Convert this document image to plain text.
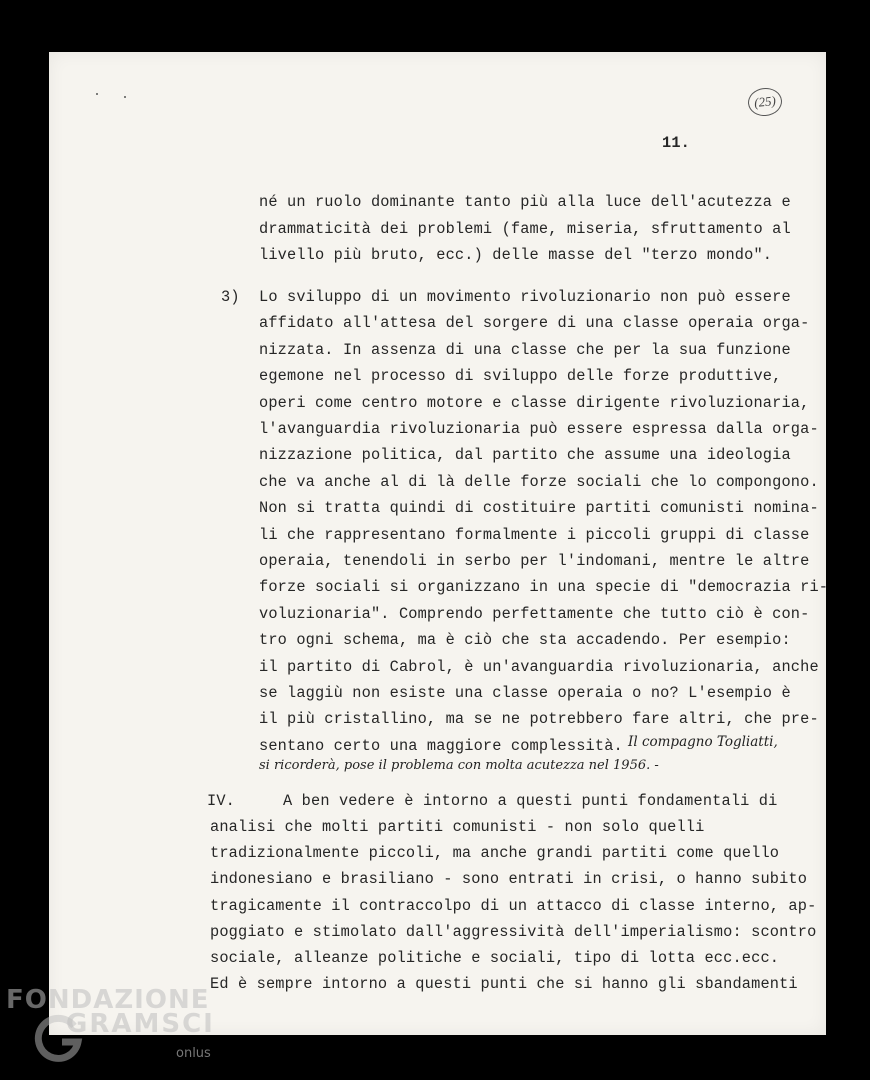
(25)
11.
né un ruolo dominante tanto più alla luce dell'acutezza e
drammaticità dei problemi (fame, miseria, sfruttamento al
livello più bruto, ecc.) delle masse del "terzo mondo".
3) Lo sviluppo di un movimento rivoluzionario non può essere
affidato all'attesa del sorgere di una classe operaia orga-
nizzata. In assenza di una classe che per la sua funzione
egemone nel processo di sviluppo delle forze produttive,
operi come centro motore e classe dirigente rivoluzionaria,
l'avanguardia rivoluzionaria può essere espressa dalla orga-
nizzazione politica, dal partito che assume una ideologia
che va anche al di là delle forze sociali che lo compongono.
Non si tratta quindi di costituire partiti comunisti nomina-
li che rappresentano formalmente i piccoli gruppi di classe
operaia, tenendoli in serbo per l'indomani, mentre le altre
forze sociali si organizzano in una specie di "democrazia ri-
voluzionaria". Comprendo perfettamente che tutto ciò è con-
tro ogni schema, ma è ciò che sta accadendo. Per esempio:
il partito di Cabrol, è un'avanguardia rivoluzionaria, anche
se laggiù non esiste una classe operaia o no? L'esempio è
il più cristallino, ma se ne potrebbero fare altri, che pre-
sentano certo una maggiore complessità. Il compagno Togliatti,
si ricorderà, pose il problema con molta acutezza nel 1956. -
IV.	A ben vedere è intorno a questi punti fondamentali di
analisi che molti partiti comunisti - non solo quelli
tradizionalmente piccoli, ma anche grandi partiti come quello
indonesiano e brasiliano - sono entrati in crisi, o hanno subito
tragicamente il contraccolpo di un attacco di classe interno, ap-
poggiato e stimolato dall'aggressività dell'imperialismo: scontro
sociale, alleanze politiche e sociali, tipo di lotta ecc.ecc.
Ed è sempre intorno a questi punti che si hanno gli sbandamenti
FONDAZIONE
GRAMSCI
onlus
